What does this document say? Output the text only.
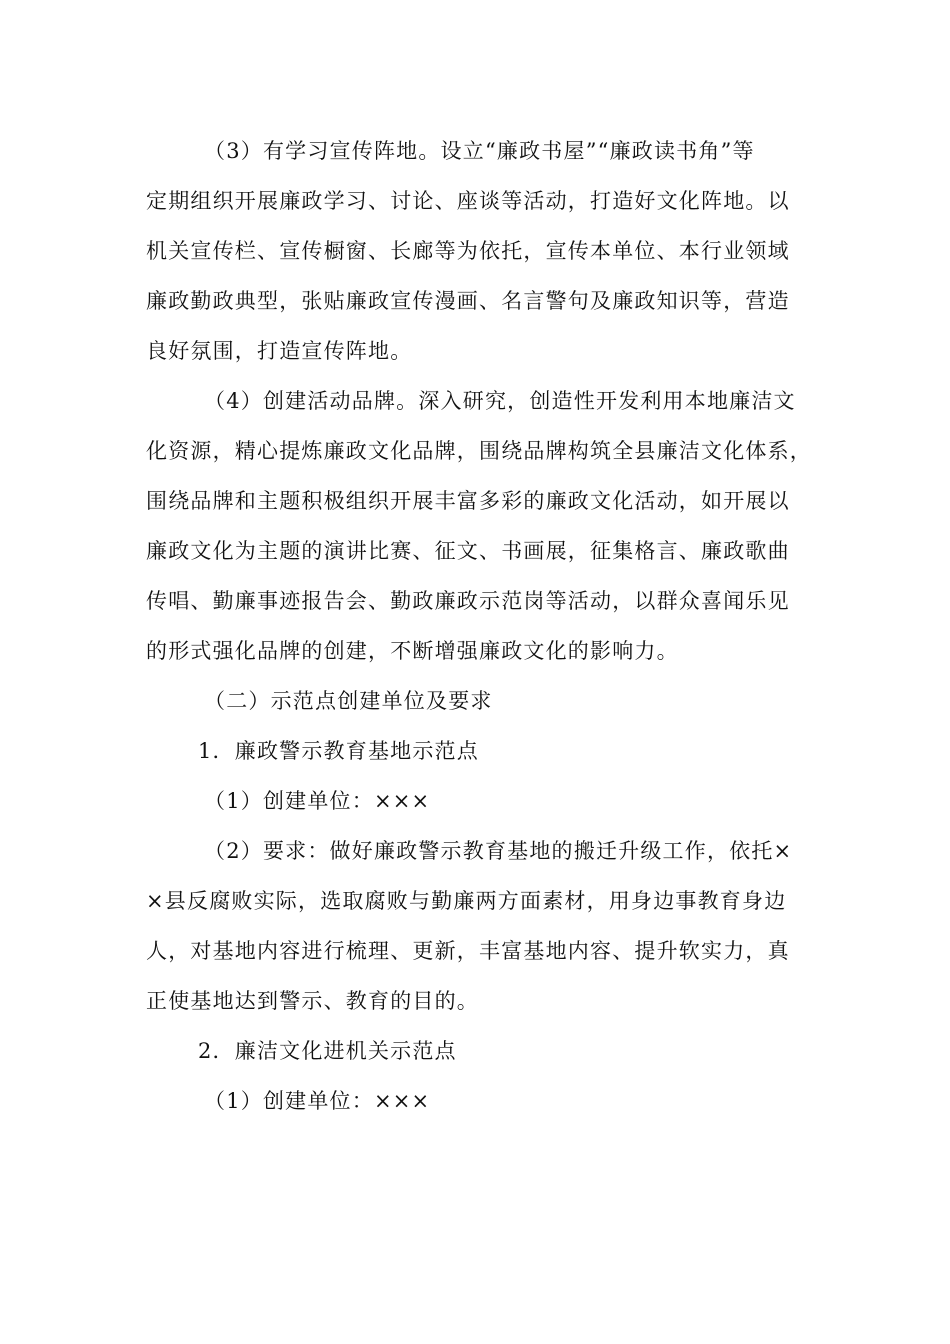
（3）有学习宣传阵地。设立“廉政书屋”“廉政读书角”等
定期组织开展廉政学习、讨论、座谈等活动，打造好文化阵地。以
机关宣传栏、宣传橱窗、长廊等为依托，宣传本单位、本行业领域
廉政勤政典型，张贴廉政宣传漫画、名言警句及廉政知识等，营造
良好氛围，打造宣传阵地。
（4）创建活动品牌。深入研究，创造性开发利用本地廉洁文
化资源，精心提炼廉政文化品牌，围绕品牌构筑全县廉洁文化体系，
围绕品牌和主题积极组织开展丰富多彩的廉政文化活动，如开展以
廉政文化为主题的演讲比赛、征文、书画展，征集格言、廉政歌曲
传唱、勤廉事迹报告会、勤政廉政示范岗等活动，以群众喜闻乐见
的形式强化品牌的创建，不断增强廉政文化的影响力。
（二）示范点创建单位及要求
1．廉政警示教育基地示范点
（1）创建单位：×××
（2）要求：做好廉政警示教育基地的搬迁升级工作，依托×
×县反腐败实际，选取腐败与勤廉两方面素材，用身边事教育身边
人，对基地内容进行梳理、更新，丰富基地内容、提升软实力，真
正使基地达到警示、教育的目的。
2．廉洁文化进机关示范点
（1）创建单位：×××
